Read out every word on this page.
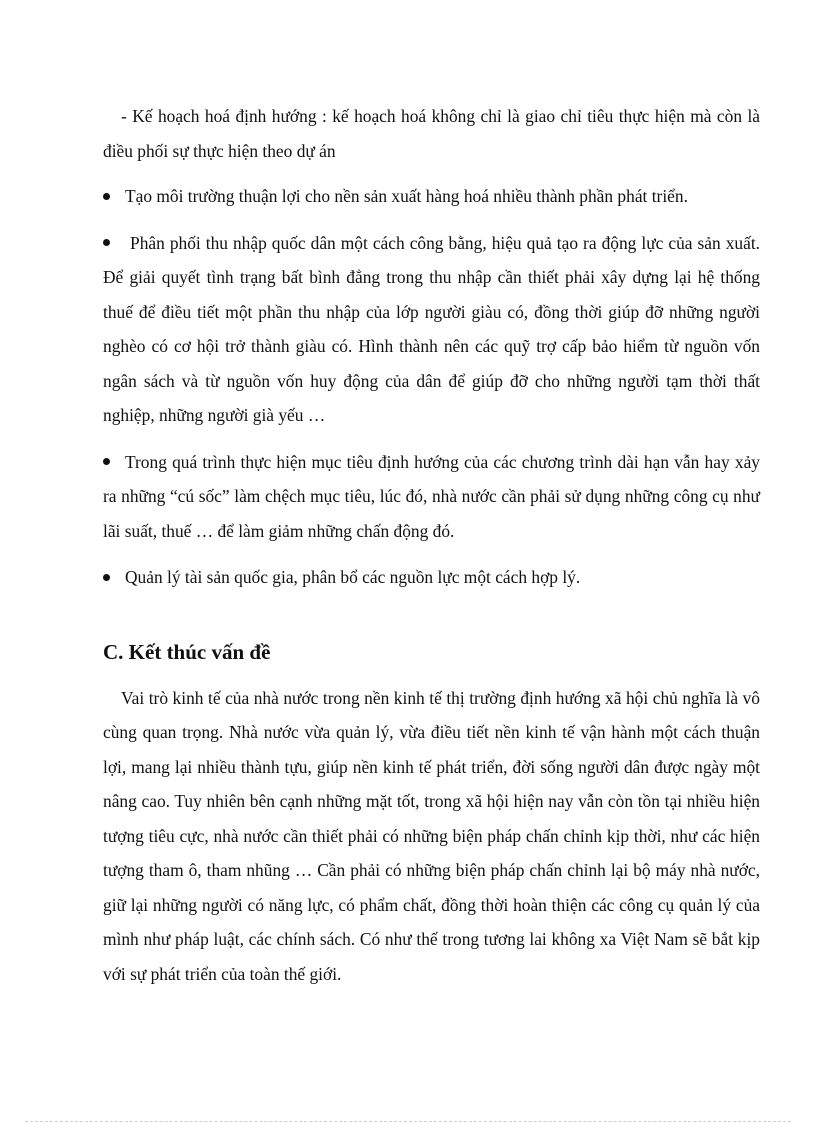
- Kế hoạch hoá định hướng : kế hoạch hoá không chỉ là giao chỉ tiêu thực hiện mà còn là điều phối sự thực hiện theo dự án

Tạo môi trường thuận lợi cho nền sản xuất hàng hoá nhiều thành phần phát triển.

Phân phối thu nhập quốc dân một cách công bằng, hiệu quả tạo ra động lực của sản xuất. Để giải quyết tình trạng bất bình đẳng trong thu nhập cần thiết phải xây dựng lại hệ thống thuế để điều tiết một phần thu nhập của lớp người giàu có, đồng thời giúp đỡ những người nghèo có cơ hội trở thành giàu có. Hình thành nên các quỹ trợ cấp bảo hiểm từ nguồn vốn ngân sách và từ nguồn vốn huy động của dân để giúp đỡ cho những người tạm thời thất nghiệp, những người già yếu …

Trong quá trình thực hiện mục tiêu định hướng của các chương trình dài hạn vẫn hay xảy ra những “cú sốc” làm chệch mục tiêu, lúc đó, nhà nước cần phải sử dụng những công cụ như lãi suất, thuế … để làm giảm những chấn động đó.

Quản lý tài sản quốc gia, phân bổ các nguồn lực một cách hợp lý.

C. Kết thúc vấn đề

Vai trò kinh tế của nhà nước trong nền kinh tế thị trường định hướng xã hội chủ nghĩa là vô cùng quan trọng. Nhà nước vừa quản lý, vừa điều tiết nền kinh tế vận hành một cách thuận lợi, mang lại nhiều thành tựu, giúp nền kinh tế phát triển, đời sống người dân được ngày một nâng cao. Tuy nhiên bên cạnh những mặt tốt, trong xã hội hiện nay vẫn còn tồn tại nhiều hiện tượng tiêu cực, nhà nước cần thiết phải có những biện pháp chấn chỉnh kịp thời, như các hiện tượng tham ô, tham nhũng … Cần phải có những biện pháp chấn chỉnh lại bộ máy nhà nước, giữ lại những người có năng lực, có phẩm chất, đồng thời hoàn thiện các công cụ quản lý của mình như pháp luật, các chính sách. Có như thế trong tương lai không xa Việt Nam sẽ bắt kịp với sự phát triển của toàn thế giới.
